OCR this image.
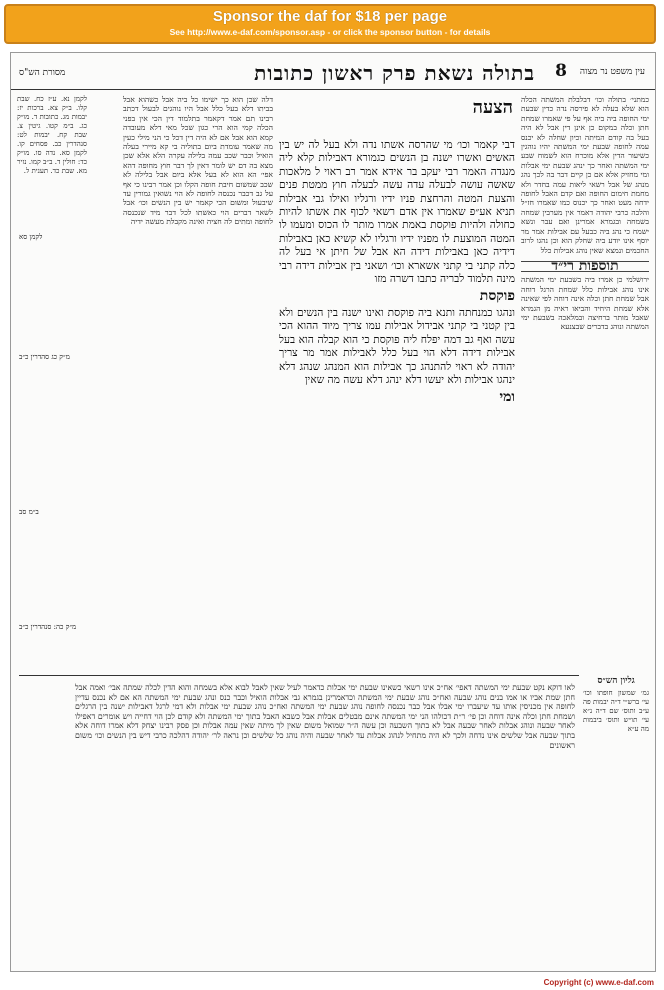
Sponsor the daf for $18 per page
See http://www.e-daf.com/sponsor.asp - or click the sponsor button - for details
עין משפט נר מצוה
8
בתולה נשאת פרק ראשון כתובות
מסורת הש"ס
כמתני׳ בתולה וכו׳ דבלבלת המשתה הכלה הוא שלא בעלה לא פירסה נדה כדין שבעת ימי החופה ביה ביה אף על פי שאמרו שמחת חתן וכלה במקום כן אינן דין אבל לא היה בעל בה קודם המיתה וכיון שחלה לא יכנס עמה לחופה שבעת ימי המשתה יהיו נוהגין כשיעור הדין אלא מוכרח הוא לשמוח שבע ימי המשתה ואחר כך ינהג שבעת ימי אבלות ומי מחזיק אלא אם כן קיים דבר בה לכך נהג מנהג של אבל רשאי ליאות עמה בחדר ולא מחמת חימום החופה ואם קדם האבל לחופה ידחה מעט ואחר כך יכנוס כמו שאמרו חז״ל והלכה כרבי יהודה דאמר אין מערבין שמחה בשמחה ובגמרא אמרינן ואם עבר ונשא ישמח כי נהג ביה כבעל עם אבילות אמר מר יוסף אינו יודע ביה שחלק הוא וכן נהגו לרוב החכמים ונמצא שאין נוהג אבילות כלל
תוספות רי״ד
ירושלמי כן אמרו ביה בשבעת ימי המשתה אינו נוהג אבילות כלל שמחת הרגל דוחה אבל שמחת חתן וכלה אינה דוחה לפי שאינה אלא שמחת היחיד והביאו ראיה מן הגמרא שאבל מותר ברחיצה ובמלאכה בשבעת ימי המשתה ונוהג בדברים שבצנעא
הצעה
דבי קאמר וכו׳ מי שהרסה אשתו נדה ולא בעל לה יש בין האשים ואשרו ישנה בן הנשים כגמורא דאבילות קלא ליה מנגדה האמר רבי יעקב בר אידא אמר רב ראוי ל מלאכות שאשה עושה לבעלה עדה עשה לבעלה חוץ ממטת פנים והצעת המטה והרחצת פניו ידיו ורגליו ואילו גבי אבילות תניא אע״פ שאמרו אין אדם רשאי לכוף את אשתו להיות כחולה ולהיות פוקסת באמת אמרו מותר לו הכוס ומעמו לו המטה המוצעת לו מפניו ידיו ורגליו לא קשיא כאן באבילות דידיה כאן באבילות דידה הא אבל של חיתן אי בעל לה כלה קתני בי קתני אשארא וכו׳ ושאני בין אבילות דידה רבי מינה תלמוד לבריה כתבו דשרה מזו
פוקסת
ונהגו כמנחתה ותנא ביה פוקסת ואינו ישנה בין הנשים ולא בין קטני בי קתני אבידול אבילות עמו צריך מיוד ההוא הכי עשה ואף גב דמה יפלח ליה פוקסת כי הוא קבלה הוא בעל אבילות דידה דלא הוי בעל כלל לאבילות אמר מר צריך יהודה לא ראוי להתנהג כך אבילות הוא המנהג שנהג דלא ינהגו אבילות ולא יעשו דלא ינהג דלא עשה מה שאין
ומי
דלה שכן הוא כך ישימו כל ביה אבל כשהוא אבל בביתו דלא בעל כלל אבל היו נוהגים לבעול דכתב רבינו תם אמר דקאמר בתלמוד דין הכי אין בפני הכלה קמי הוא הרי כגון שכל מאי דלא מעובדה קמא הוא אבל אם לא היה דין דכל כי הני מילי כעין מה שאמר עומדת ביום בתוליה בי קא מיירי בעלה הואיל וכבר שכב עמה בלילה עקרה הלא אלא שכן מצא בה דם יש לומר דאין לך דבר חוץ מחופה דהא אפי׳ הא הוא לא בעל אלא ביום אבל בלילה לא שכב שמשום חיבת חופה הקלו וכן אמר רבינו כי אף על גב דכבר נכנסה לחופה לא הוי נשואין גמורין עד שיבעול ומשום הכי קאמר יש בין הנשים וכו׳ אבל לשאר דברים הוי כאשתו לכל דבר מיד שנכנסה לחופה ומתים לה חציה ואינה מקבלת מעשה ידיה
לקמן נא. ע״ז כח. שבת קלו. ב״ק צא. ברכות יז: יבמות מג. כתובות ד. מו״ק כג. ב״מ קטו. גיטין צ. שבת קח. יבמות לט: סנהדרין כב. פסחים קו. לקמן סא. נדה סו. מו״ק כד: חולין ד. ב״ב קמו. נזיר מא. שבת כד. תענית ל.
לקמן סא
מ״ק כג סהדרין כ״ב
ב״מ סב
מ״ק כה: סנהדרין כ״ב
לאו דוקא נקט שבעת ימי המשתה דאפי׳ אח״כ אינו רשאי כשאינו שבעת ימי אבלות כדאמר לעיל שאין לאבל לבוא אלא בשמחה והוא הדין לכלה שמתה אבי׳ ואמה אבל חתן שמת אביו או אמו בנים נוהג שבעה ואח״כ נוהג שבעת ימי המשתה וכדאמרינן בגמרא גבי אבלות הואיל וכבר כנס ונהג שבעת ימי המשתה הא אם לא נכנס עדיין לחופה אין מכניסין אותו עד שיעברו ימי אבלו אבל כבר נכנסה לחופה נוהג שבעת ימי המשתה ואח״כ נוהג שבעת ימי אבלות ולא דמי לרגל דאבילות ישנה בין הרגלים ושמחת חתן וכלה אינה דוחה וכן פי׳ ר״ת דכולהו הני ימי המשתה אינם מבטלים אבלות אבל כשבא האבל בתוך ימי המשתה ולא קודם לכן הוי דחייה ויש אומרים דאפילו לאחר שבעה ונוהג אבלות לאחר שבעה אבל לא בתוך השבעה וכן עשה ה״ר שמואל משום שאין לך מיתה שאין עמה אבלות וכן פסק רבינו יצחק דלא אמרו דוחה אלא בתוך שבעה אבל שלשים אינו נדחה ולכך לא היה מתחיל לנהוג אבלות עד לאחר שבעה והיה נוהג כל שלשים וכן נראה לר׳ יהודה דהלכה כרבי דיש בין הנשים וכו׳ משום ראשונים
גליון הש״ס
גמ׳ שמשון חופתו וכו׳ עי׳ ברש״י ד״ה יבמות פה ע״ב ותוס׳ שם ד״ה נ״א עי׳ תו״ש ותוס׳ ביבמות מה ע״א
Copyright (c) www.e-daf.com
